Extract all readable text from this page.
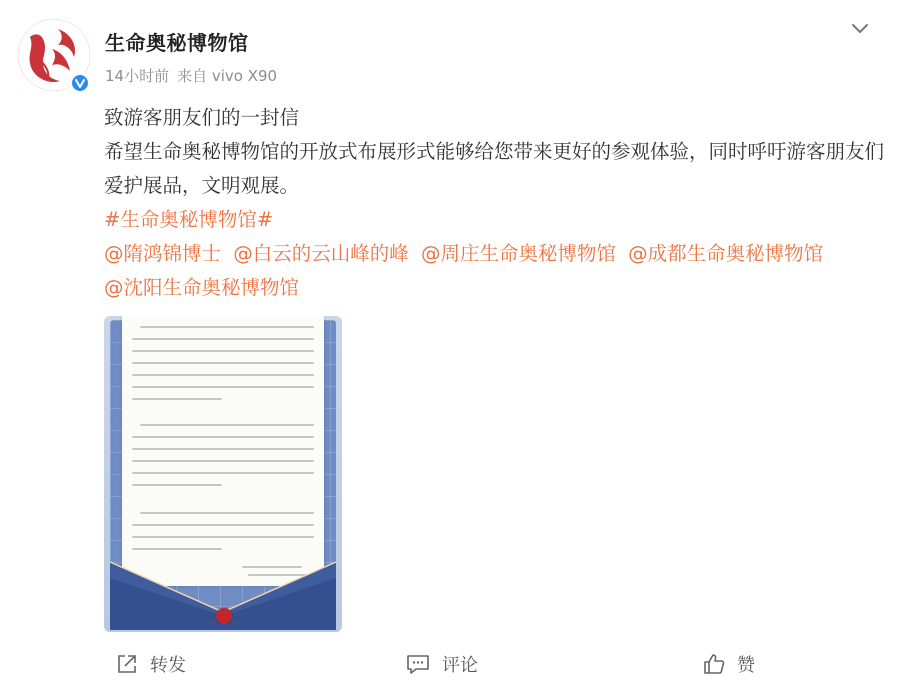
生命奥秘博物馆
14小时前 来自 vivo X90

致游客朋友们的一封信

希望生命奥秘博物馆的开放式布展形式能够给您带来更好的参观体验，同时呼吁游客朋友们爱护展品，文明观展。

#生命奥秘博物馆#

@隋鸿锦博士 @白云的云山峰的峰 @周庄生命奥秘博物馆 @成都生命奥秘博物馆

@沈阳生命奥秘博物馆

转发	评论	赞
